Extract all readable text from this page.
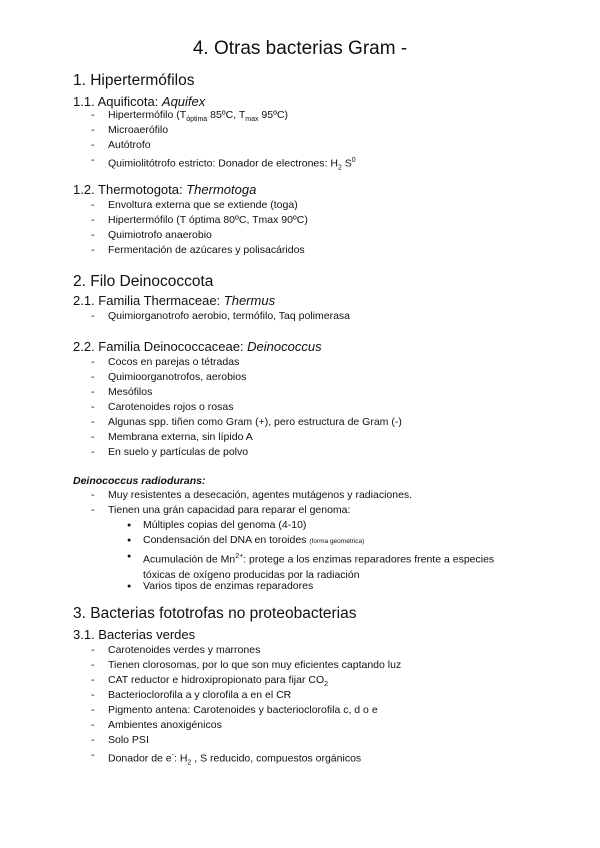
4. Otras bacterias Gram -
1. Hipertermófilos
1.1. Aquificota: Aquifex
- Hipertermófilo ($T_{óptima}$ 85ºC, $T_{max}$ 95ºC)
- Microaerófilo
- Autótrofo
- Quimiolitótrofo estricto: Donador de electrones: $H_2$ $S^0$
1.2. Thermotogota: Thermotoga
- Envoltura externa que se extiende (toga)
- Hipertermófilo (T óptima 80ºC, Tmax 90ºC)
- Quimiotrofo anaerobio
- Fermentación de azúcares y polisacáridos
2. Filo Deinococcota
2.1. Familia Thermaceae: Thermus
- Quimiorganotrofo aerobio, termófilo, Taq polimerasa
2.2. Familia Deinococcaceae: Deinococcus
- Cocos en parejas o tétradas
- Quimioorganotrofos, aerobios
- Mesófilos
- Carotenoides rojos o rosas
- Algunas spp. tiñen como Gram (+), pero estructura de Gram (-)
- Membrana externa, sin lípido A
- En suelo y partículas de polvo
Deinococcus radiodurans:
- Muy resistentes a desecación, agentes mutágenos y radiaciones.
- Tienen una grán capacidad para reparar el genoma:
● Múltiples copias del genoma (4-10)
● Condensación del DNA en toroides (forma geométrica)
● Acumulación de $Mn^{2+}$: protege a los enzimas reparadores frente a especies
tóxicas de oxígeno producidas por la radiación
● Varios tipos de enzimas reparadores
3. Bacterias fototrofas no proteobacterias
3.1. Bacterias verdes
- Carotenoides verdes y marrones
- Tienen clorosomas, por lo que son muy eficientes captando luz
- CAT reductor e hidroxipropionato para fijar $CO_2$
- Bacterioclorofila a y clorofila a en el CR
- Pigmento antena: Carotenoides y bacterioclorofila c, d o e
- Ambientes anoxigénicos
- Solo PSI
- Donador de e-: $H_2$ , S reducido, compuestos orgánicos
